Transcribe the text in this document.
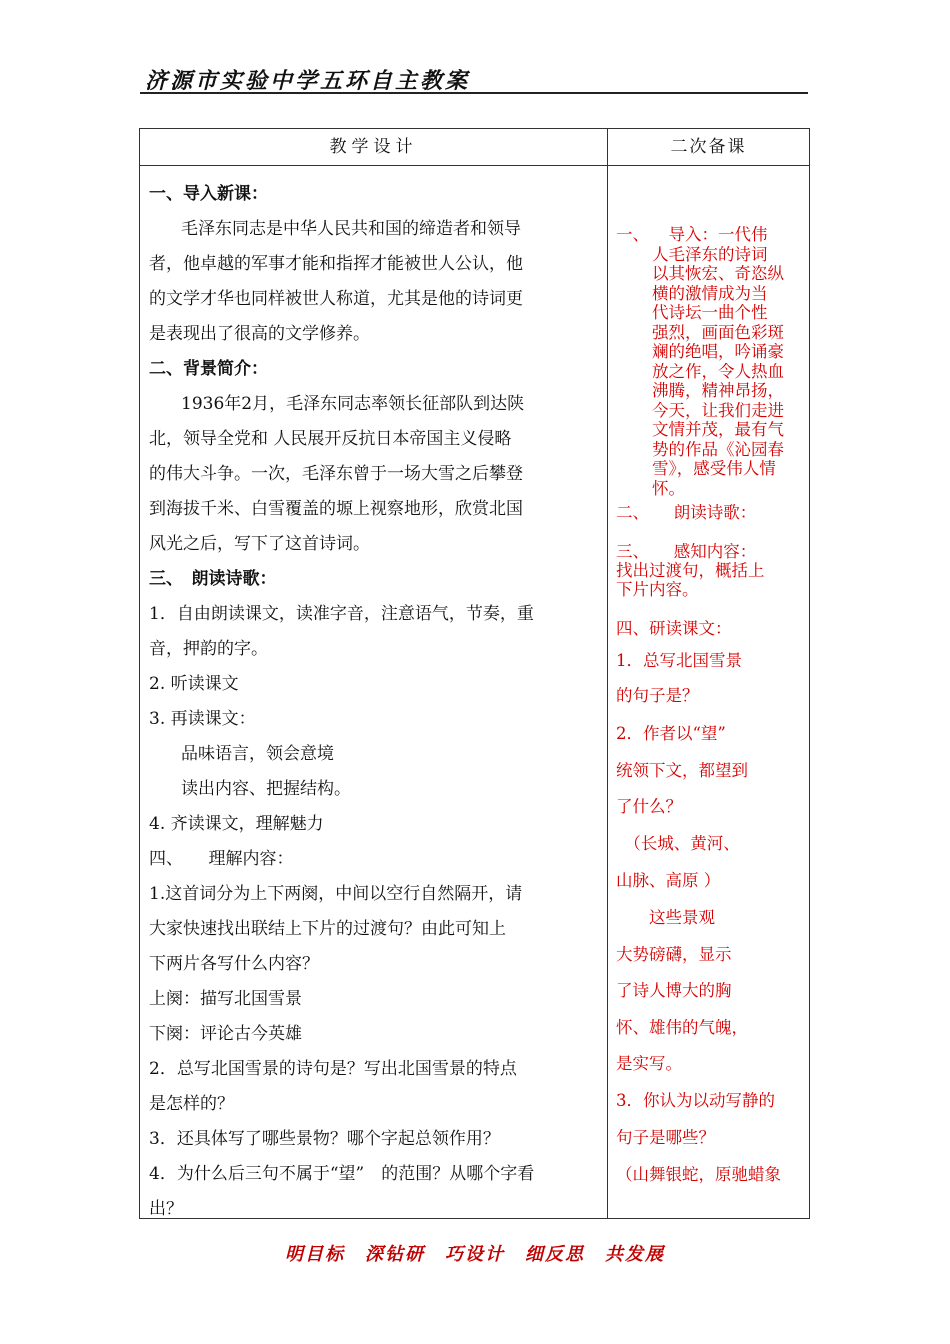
济源市实验中学五环自主教案
教学设计	二次备课
一、导入新课：
毛泽东同志是中华人民共和国的缔造者和领导
者，他卓越的军事才能和指挥才能被世人公认，他
的文学才华也同样被世人称道，尤其是他的诗词更
是表现出了很高的文学修养。
二、背景简介：
1936年2月，毛泽东同志率领长征部队到达陕
北，领导全党和 人民展开反抗日本帝国主义侵略
的伟大斗争。一次，毛泽东曾于一场大雪之后攀登
到海拔千米、白雪覆盖的塬上视察地形，欣赏北国
风光之后，写下了这首诗词。
三、　朗读诗歌：
1．自由朗读课文，读准字音，注意语气，节奏，重
音，押韵的字。
2. 听读课文
3. 再读课文：
品味语言，领会意境
读出内容、把握结构。
4. 齐读课文，理解魅力
四、　　理解内容：
1.这首词分为上下两阕，中间以空行自然隔开，请
大家快速找出联结上下片的过渡句？由此可知上
下两片各写什么内容？
上阕：描写北国雪景
下阕：评论古今英雄
2．总写北国雪景的诗句是？写出北国雪景的特点
是怎样的？
3．还具体写了哪些景物？哪个字起总领作用？
4．为什么后三句不属于“望”　的范围？从哪个字看
出？
一、 　导入：一代伟
人毛泽东的诗词
以其恢宏、奇恣纵
横的激情成为当
代诗坛一曲个性
强烈，画面色彩斑
斓的绝唱，吟诵豪
放之作，令人热血
沸腾，精神昂扬，
今天，让我们走进
文情并茂，最有气
势的作品《沁园春
雪》，感受伟人情
怀。
二、　　朗读诗歌：
三、　　感知内容：
找出过渡句，概括上
下片内容。
四、研读课文：
1．总写北国雪景
的句子是？
2．作者以“望”
统领下文，都望到
了什么？
　（长城、黄河、
山脉、高原 ）
　　这些景观
大势磅礴，显示
了诗人博大的胸
怀、雄伟的气魄，
是实写。
3．你认为以动写静的
句子是哪些？
（山舞银蛇，原驰蜡象
明目标　深钻研　巧设计　细反思　共发展
